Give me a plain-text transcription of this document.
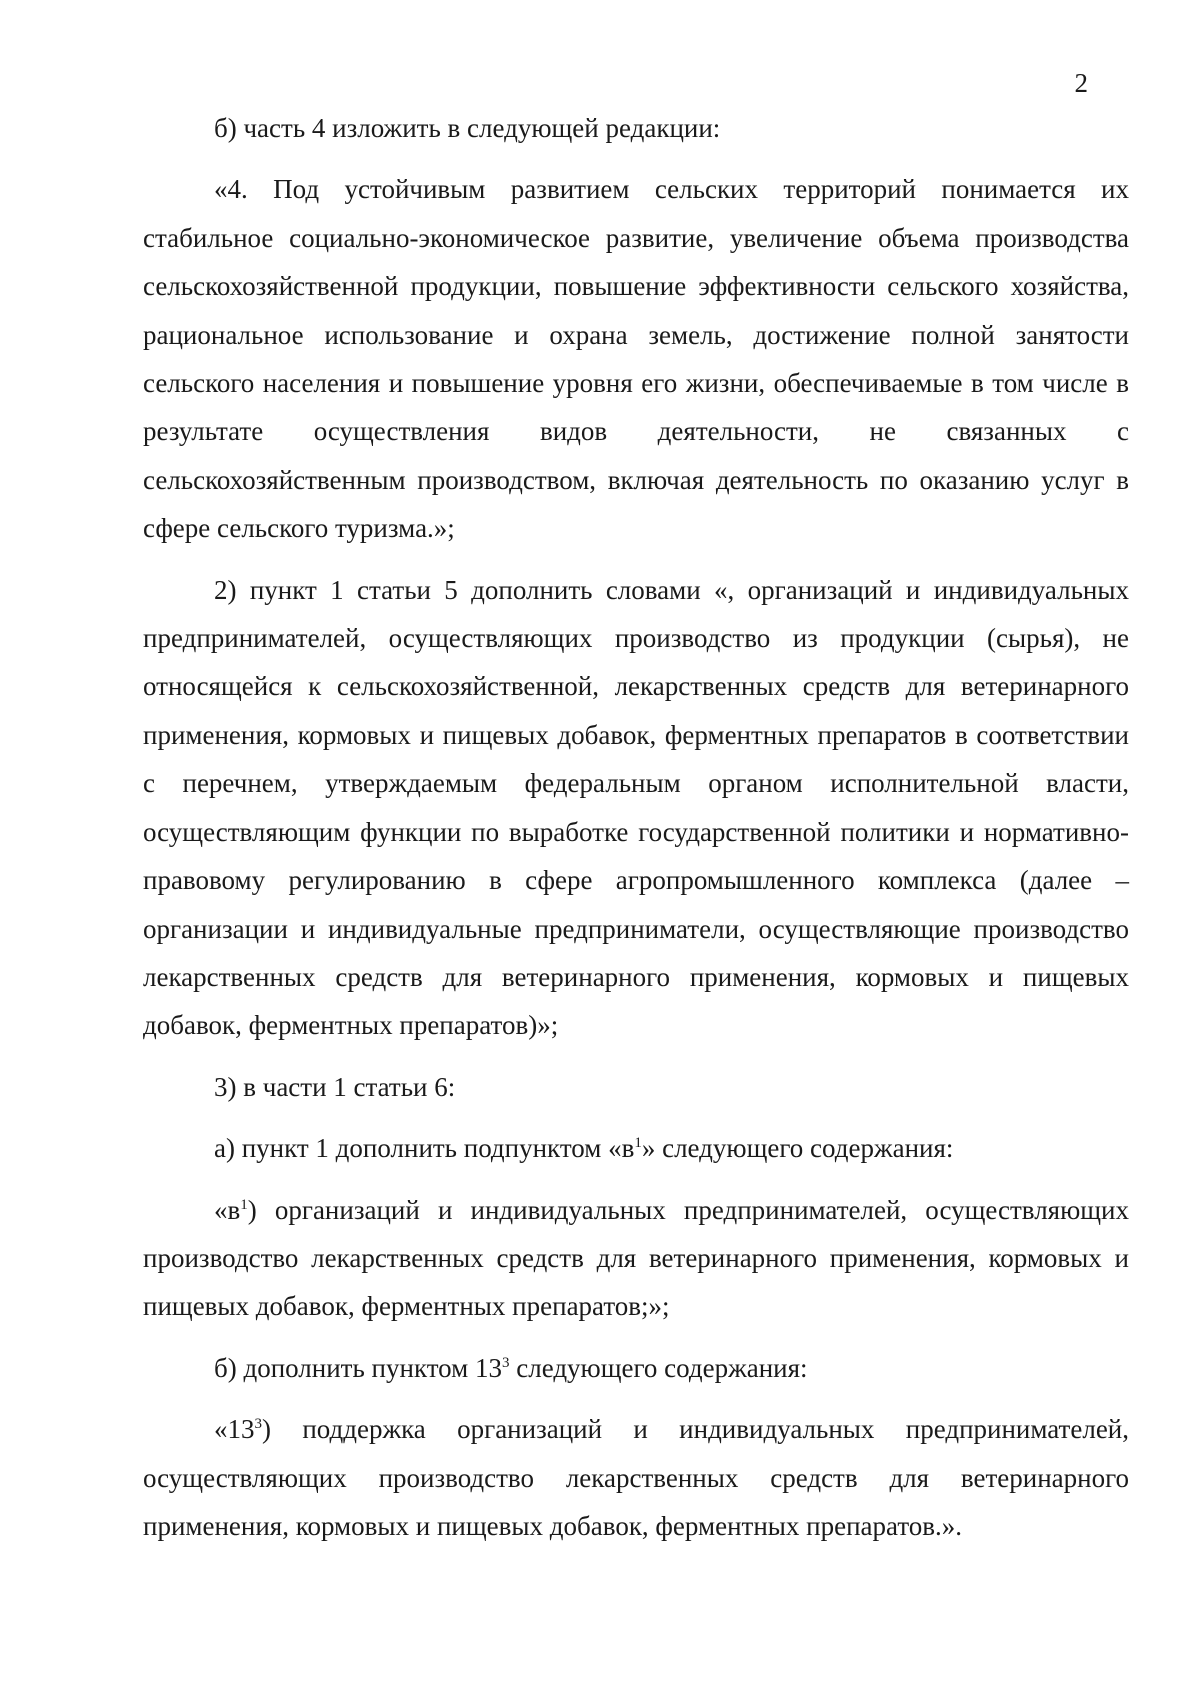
2

б) часть 4 изложить в следующей редакции:

«4. Под устойчивым развитием сельских территорий понимается их стабильное социально-экономическое развитие, увеличение объема производства сельскохозяйственной продукции, повышение эффективности сельского хозяйства, рациональное использование и охрана земель, достижение полной занятости сельского населения и повышение уровня его жизни, обеспечиваемые в том числе в результате осуществления видов деятельности, не связанных с сельскохозяйственным производством, включая деятельность по оказанию услуг в сфере сельского туризма.»;

2) пункт 1 статьи 5 дополнить словами «, организаций и индивидуальных предпринимателей, осуществляющих производство из продукции (сырья), не относящейся к сельскохозяйственной, лекарственных средств для ветеринарного применения, кормовых и пищевых добавок, ферментных препаратов в соответствии с перечнем, утверждаемым федеральным органом исполнительной власти, осуществляющим функции по выработке государственной политики и нормативно-правовому регулированию в сфере агропромышленного комплекса (далее – организации и индивидуальные предприниматели, осуществляющие производство лекарственных средств для ветеринарного применения, кормовых и пищевых добавок, ферментных препаратов)»;

3) в части 1 статьи 6:

а) пункт 1 дополнить подпунктом «$в^1$» следующего содержания:

«$в^1$) организаций и индивидуальных предпринимателей, осуществляющих производство лекарственных средств для ветеринарного применения, кормовых и пищевых добавок, ферментных препаратов;»;

б) дополнить пунктом $13^3$ следующего содержания:

«$13^3$) поддержка организаций и индивидуальных предпринимателей, осуществляющих производство лекарственных средств для ветеринарного применения, кормовых и пищевых добавок, ферментных препаратов.».
